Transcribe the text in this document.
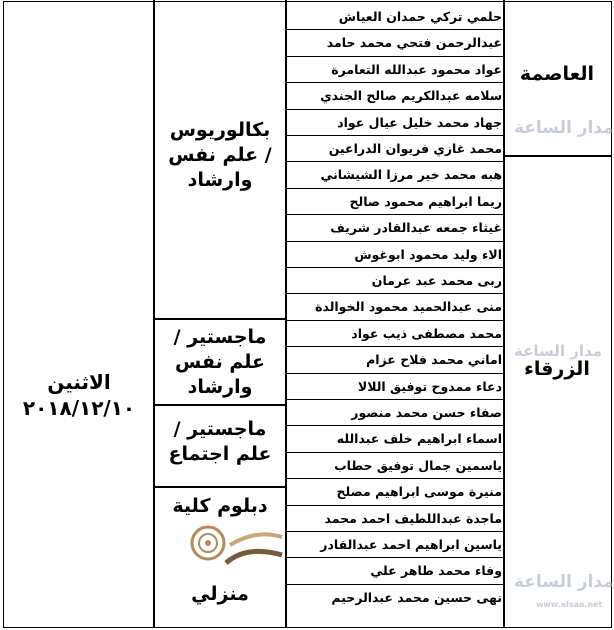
حلمي تركي حمدان العياش
عبدالرحمن فتحي محمد حامد
عواد محمود عبدالله التعامرة
سلامه عبدالكريم صالح الجندي
جهاد محمد خليل عيال عواد
محمد غازي فريوان الدراعين
هبه محمد خير مرزا الشيشاني
ريما ابراهيم محمود صالح
غيثاء جمعه عبدالقادر شريف
الاء وليد محمود ابوغوش
ربى محمد عبد عرمان
منى عبدالحميد محمود الخوالدة
محمد مصطفى ذيب عواد
اماني محمد فلاح عزام
دعاء ممدوح توفيق اللالا
صفاء حسن محمد منصور
اسماء ابراهيم خلف عبدالله
ياسمين جمال توفيق حطاب
منيرة موسى ابراهيم مصلح
ماجدة عبداللطيف احمد محمد
ياسين ابراهيم احمد عبدالقادر
وفاء محمد طاهر علي
نهى حسين محمد عبدالرحيم
العاصمة
الزرقاء
بكالوريوس
/ علم نفس
وارشاد
ماجستير /
علم نفس
وارشاد
ماجستير /
علم اجتماع
دبلوم كلية
منزلي
الاثنين
٢٠١٨/١٢/١٠
مدار الساعة
مدار الساعة
مدار الساعة
www.alsaa.net
